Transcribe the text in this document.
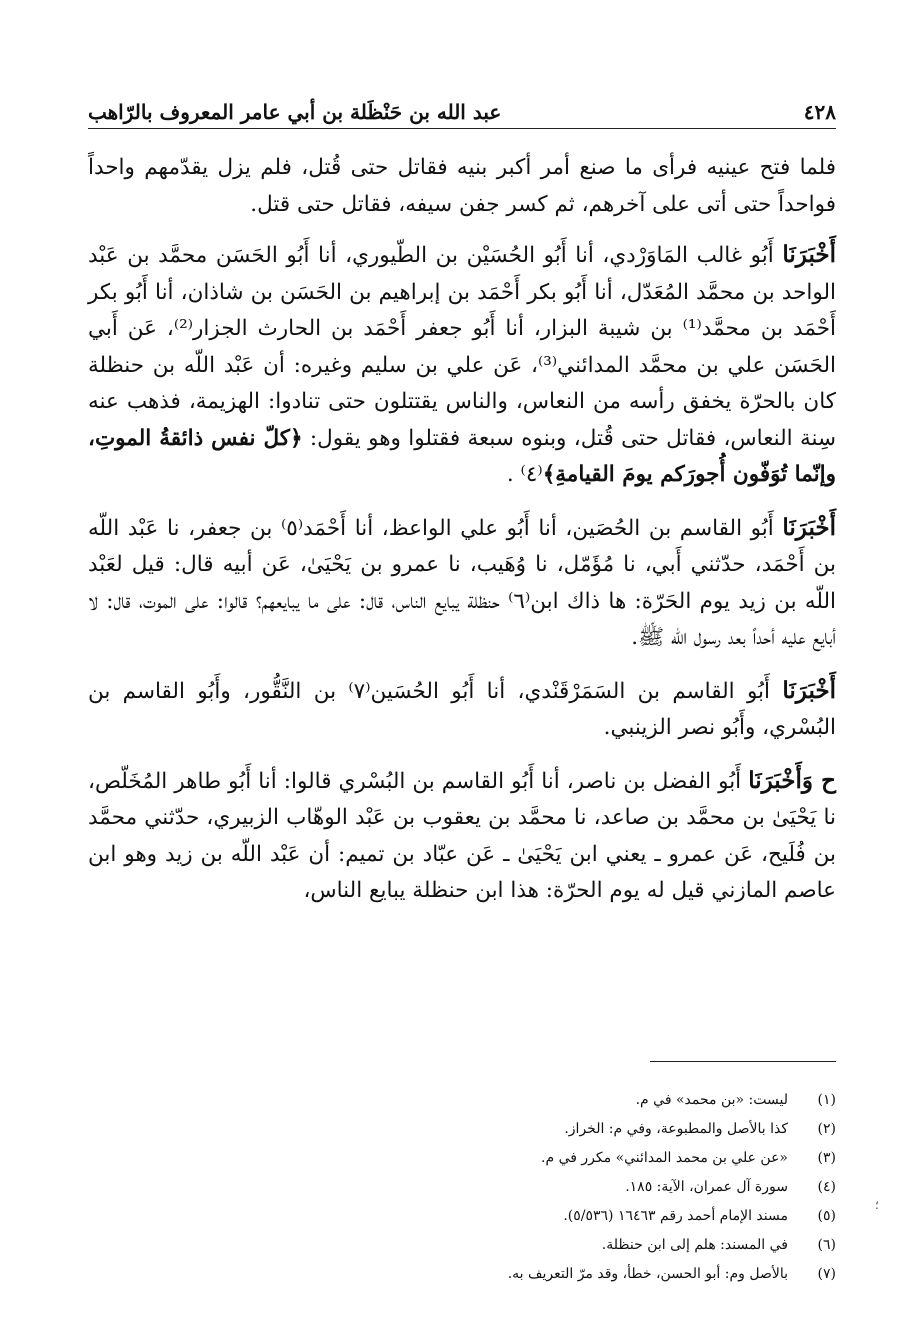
٤٢٨
عبد الله بن حَنْظَلة بن أبي عامر المعروف بالرّاهب

فلما فتح عينيه فرأى ما صنع أمر أكبر بنيه فقاتل حتى قُتل، فلم يزل يقدّمهم واحداً فواحداً حتى أتى على آخرهم، ثم كسر جفن سيفه، فقاتل حتى قتل.

أَخْبَرَنَا أَبُو غالب المَاوَرْدي، أنا أَبُو الحُسَيْن بن الطّيوري، أنا أَبُو الحَسَن محمَّد بن عَبْد الواحد بن محمَّد المُعَدّل، أنا أَبُو بكر أَحْمَد بن إبراهيم بن الحَسَن بن شاذان، أنا أَبُو بكر أَحْمَد بن محمَّد⁽¹⁾ بن شيبة البزار، أنا أَبُو جعفر أَحْمَد بن الحارث الجزار⁽²⁾، عَن أَبي الحَسَن علي بن محمَّد المدائني⁽³⁾، عَن علي بن سليم وغيره: أن عَبْد اللّه بن حنظلة كان بالحرّة يخفق رأسه من النعاس، والناس يقتتلون حتى تنادوا: الهزيمة، فذهب عنه سِنة النعاس، فقاتل حتى قُتل، وبنوه سبعة فقتلوا وهو يقول: ﴿كلّ نفس ذائقةُ الموتِ، وإنّما تُوَفّون أُجورَكم يومَ القيامةِ﴾⁽٤⁾ .

أَخْبَرَنَا أَبُو القاسم بن الحُصَين، أنا أَبُو علي الواعظ، أنا أَحْمَد⁽٥⁾ بن جعفر، نا عَبْد اللّه بن أَحْمَد، حدّثني أَبي، نا مُؤَمّل، نا وُهَيب، نا عمرو بن يَحْيَىٰ، عَن أبيه قال: قيل لعَبْد اللّه بن زيد يوم الحَرّة: ها ذاك ابن⁽٦⁾ حنظلة يبايع الناس، قال: على ما يبايعهم؟ قالوا: على الموت، قال: لا أبايع عليه أحداً بعد رسول الله ﷺ.

أَخْبَرَنَا أَبُو القاسم بن السَمَرْقَنْدي، أنا أَبُو الحُسَين⁽٧⁾ بن النَّقُّور، وأَبُو القاسم بن البُسْري، وأَبُو نصر الزينبي.

ح وَأَخْبَرَنَا أَبُو الفضل بن ناصر، أنا أَبُو القاسم بن البُسْري قالوا: أنا أَبُو طاهر المُخَلّص، نا يَحْيَىٰ بن محمَّد بن صاعد، نا محمَّد بن يعقوب بن عَبْد الوهّاب الزبيري، حدّثني محمَّد بن فُلَيح، عَن عمرو ـ يعني ابن يَحْيَىٰ ـ عَن عبّاد بن تميم: أن عَبْد اللّه بن زيد وهو ابن عاصم المازني قيل له يوم الحرّة: هذا ابن حنظلة يبايع الناس،

(١)
ليست: «بن محمد» في م.
(٢)
كذا بالأصل والمطبوعة، وفي م: الخراز.
(٣)
«عن علي بن محمد المدائني» مكرر في م.
(٤)
سورة آل عمران، الآية: ١٨٥.
(٥)
مسند الإمام أحمد رقم ١٦٤٦٣ (٥/٥٣٦).
(٦)
في المسند: هلم إلى ابن حنظلة.
(٧)
بالأصل وم: أبو الحسن، خطأ، وقد مرّ التعريف به.
؛
